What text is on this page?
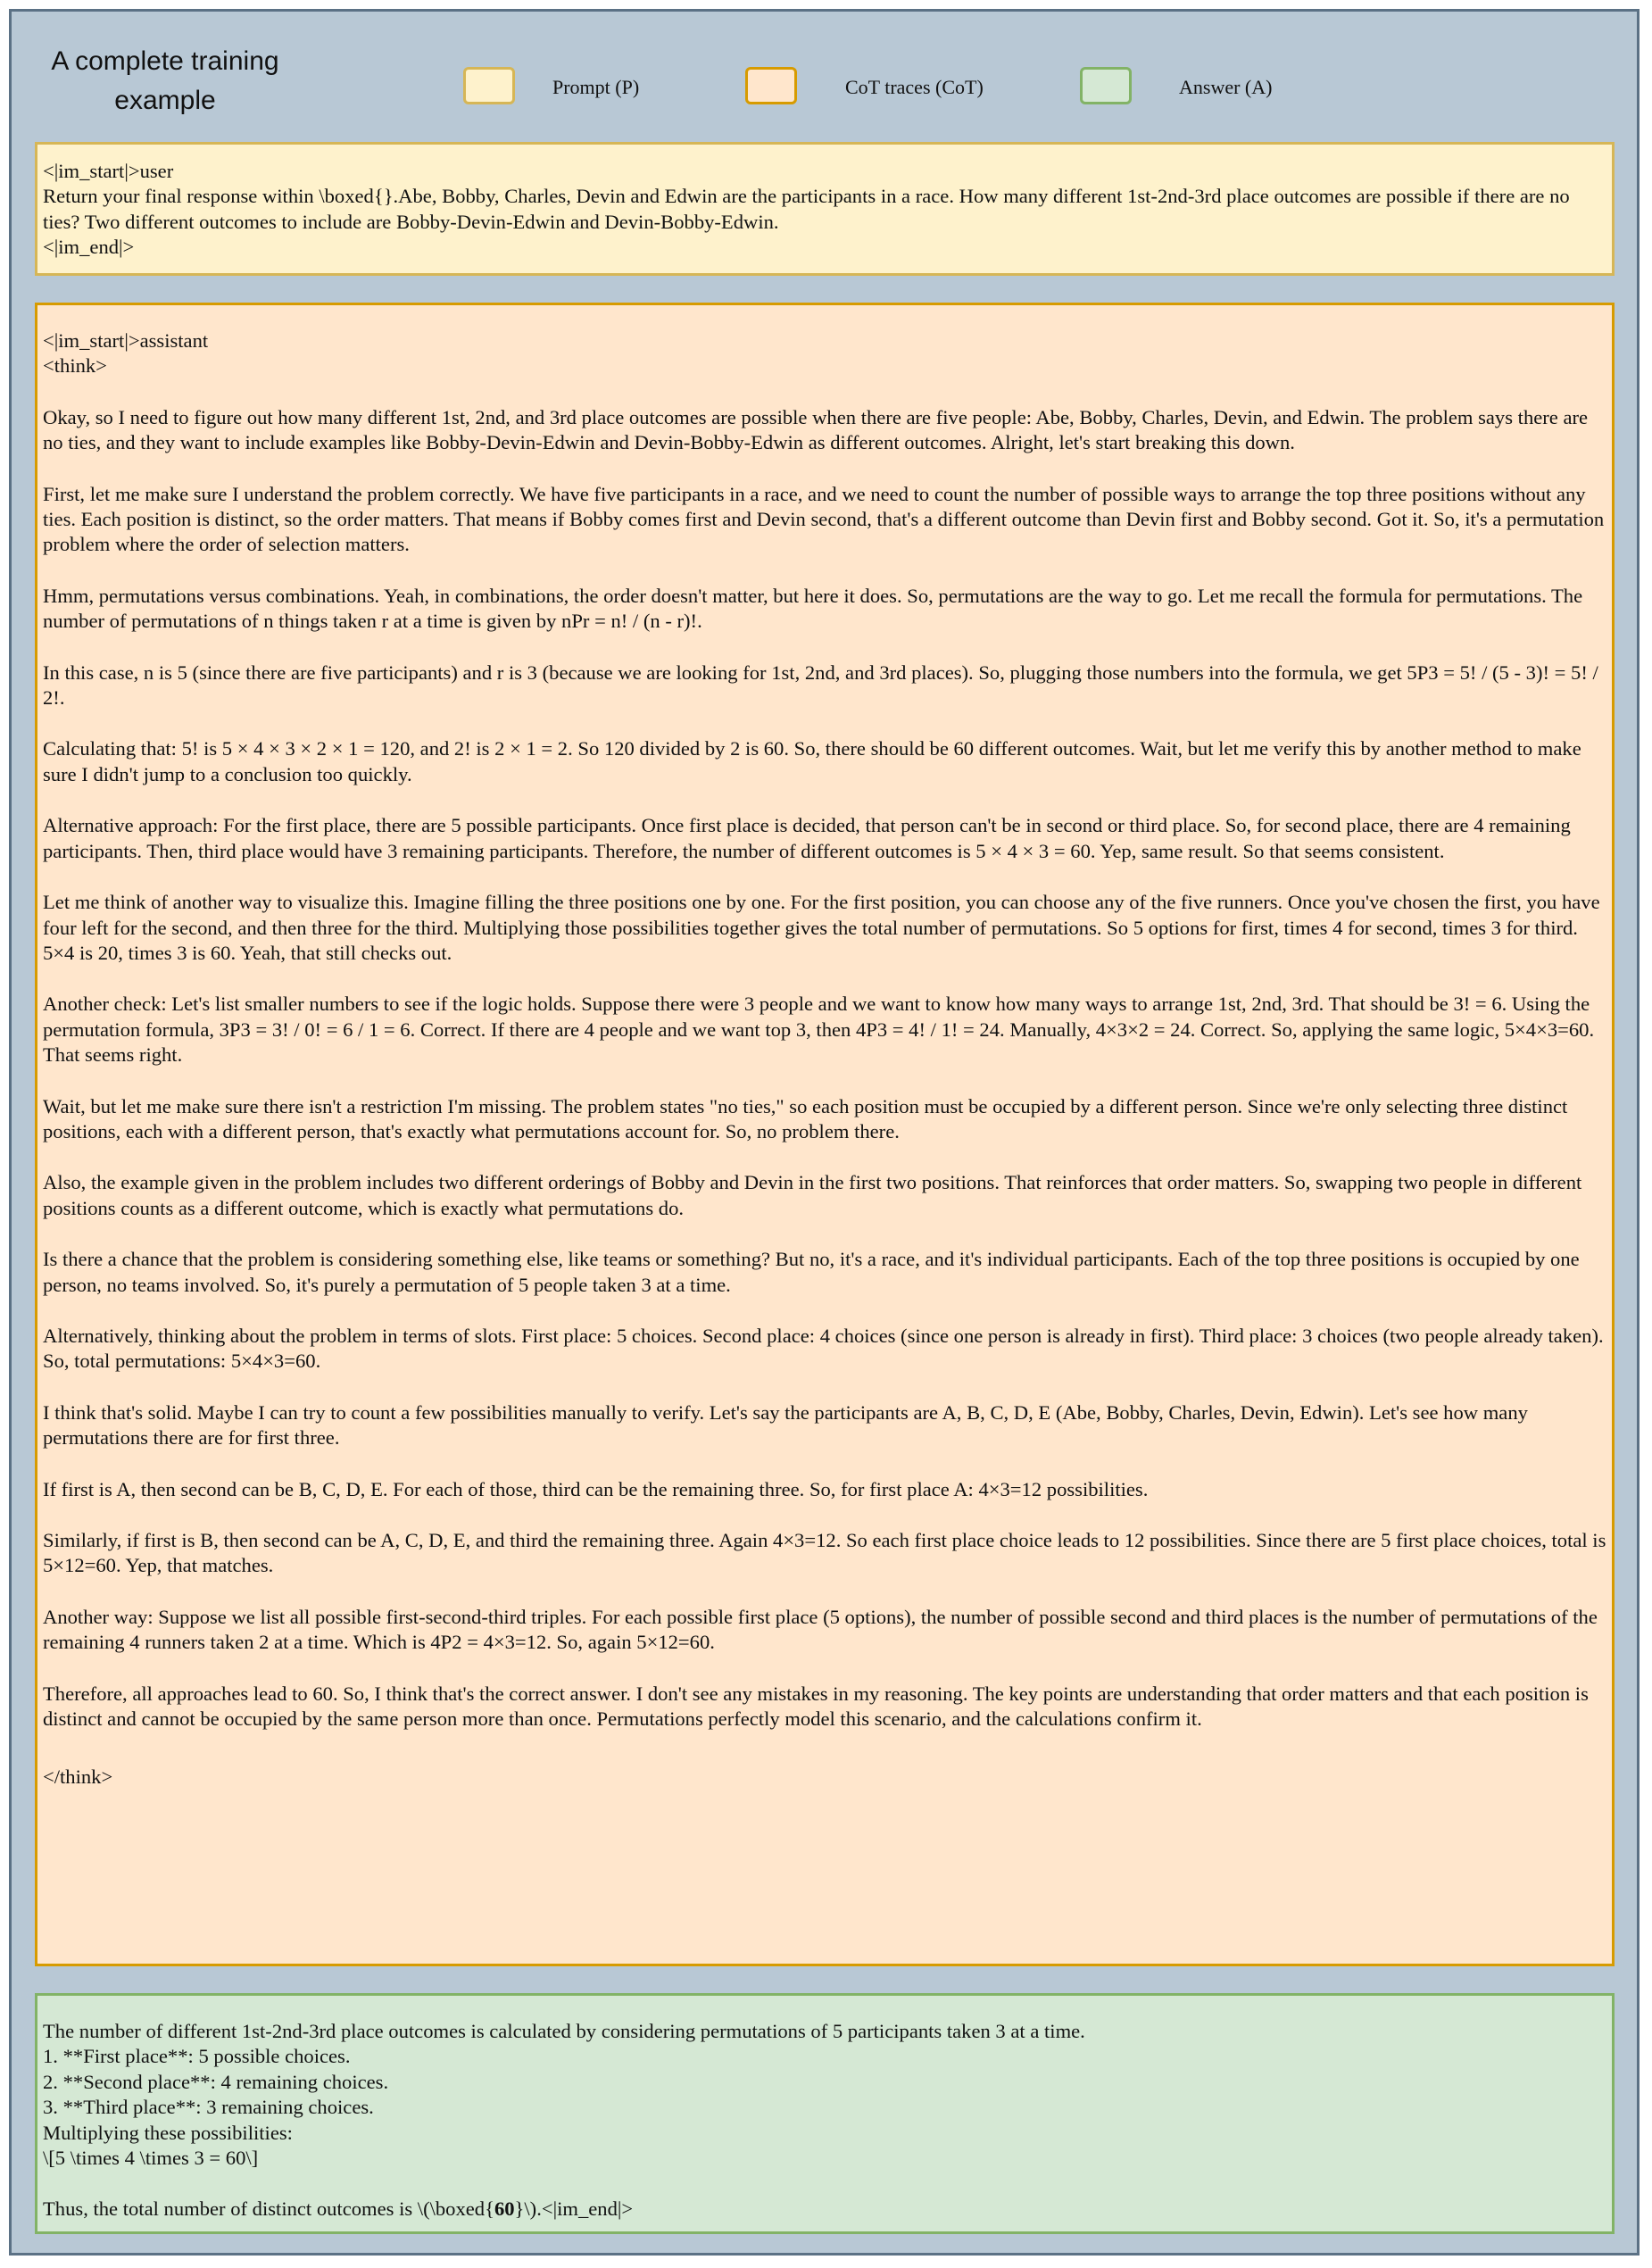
A complete training example	Prompt (P)	CoT traces (CoT)	Answer (A)
<|im_start|>user
Return your final response within \boxed{}.Abe, Bobby, Charles, Devin and Edwin are the participants in a race. How many different 1st-2nd-3rd place outcomes are possible if there are no ties? Two different outcomes to include are Bobby-Devin-Edwin and Devin-Bobby-Edwin.
<|im_end|>

<|im_start|>assistant
<think>

Okay, so I need to figure out how many different 1st, 2nd, and 3rd place outcomes are possible when there are five people: Abe, Bobby, Charles, Devin, and Edwin. The problem says there are no ties, and they want to include examples like Bobby-Devin-Edwin and Devin-Bobby-Edwin as different outcomes. Alright, let's start breaking this down.

First, let me make sure I understand the problem correctly. We have five participants in a race, and we need to count the number of possible ways to arrange the top three positions without any ties. Each position is distinct, so the order matters. That means if Bobby comes first and Devin second, that's a different outcome than Devin first and Bobby second. Got it. So, it's a permutation problem where the order of selection matters.

Hmm, permutations versus combinations. Yeah, in combinations, the order doesn't matter, but here it does. So, permutations are the way to go. Let me recall the formula for permutations. The number of permutations of n things taken r at a time is given by nPr = n! / (n - r)!.

In this case, n is 5 (since there are five participants) and r is 3 (because we are looking for 1st, 2nd, and 3rd places). So, plugging those numbers into the formula, we get 5P3 = 5! / (5 - 3)! = 5! / 2!.

Calculating that: 5! is 5 × 4 × 3 × 2 × 1 = 120, and 2! is 2 × 1 = 2. So 120 divided by 2 is 60. So, there should be 60 different outcomes. Wait, but let me verify this by another method to make sure I didn't jump to a conclusion too quickly.

Alternative approach: For the first place, there are 5 possible participants. Once first place is decided, that person can't be in second or third place. So, for second place, there are 4 remaining participants. Then, third place would have 3 remaining participants. Therefore, the number of different outcomes is 5 × 4 × 3 = 60. Yep, same result. So that seems consistent.

Let me think of another way to visualize this. Imagine filling the three positions one by one. For the first position, you can choose any of the five runners. Once you've chosen the first, you have four left for the second, and then three for the third. Multiplying those possibilities together gives the total number of permutations. So 5 options for first, times 4 for second, times 3 for third. 5×4 is 20, times 3 is 60. Yeah, that still checks out.

Another check: Let's list smaller numbers to see if the logic holds. Suppose there were 3 people and we want to know how many ways to arrange 1st, 2nd, 3rd. That should be 3! = 6. Using the permutation formula, 3P3 = 3! / 0! = 6 / 1 = 6. Correct. If there are 4 people and we want top 3, then 4P3 = 4! / 1! = 24. Manually, 4×3×2 = 24. Correct. So, applying the same logic, 5×4×3=60. That seems right.

Wait, but let me make sure there isn't a restriction I'm missing. The problem states "no ties," so each position must be occupied by a different person. Since we're only selecting three distinct positions, each with a different person, that's exactly what permutations account for. So, no problem there.

Also, the example given in the problem includes two different orderings of Bobby and Devin in the first two positions. That reinforces that order matters. So, swapping two people in different positions counts as a different outcome, which is exactly what permutations do.

Is there a chance that the problem is considering something else, like teams or something? But no, it's a race, and it's individual participants. Each of the top three positions is occupied by one person, no teams involved. So, it's purely a permutation of 5 people taken 3 at a time.

Alternatively, thinking about the problem in terms of slots. First place: 5 choices. Second place: 4 choices (since one person is already in first). Third place: 3 choices (two people already taken). So, total permutations: 5×4×3=60.

I think that's solid. Maybe I can try to count a few possibilities manually to verify. Let's say the participants are A, B, C, D, E (Abe, Bobby, Charles, Devin, Edwin). Let's see how many permutations there are for first three.

If first is A, then second can be B, C, D, E. For each of those, third can be the remaining three. So, for first place A: 4×3=12 possibilities.

Similarly, if first is B, then second can be A, C, D, E, and third the remaining three. Again 4×3=12. So each first place choice leads to 12 possibilities. Since there are 5 first place choices, total is 5×12=60. Yep, that matches.

Another way: Suppose we list all possible first-second-third triples. For each possible first place (5 options), the number of possible second and third places is the number of permutations of the remaining 4 runners taken 2 at a time. Which is 4P2 = 4×3=12. So, again 5×12=60.

Therefore, all approaches lead to 60. So, I think that's the correct answer. I don't see any mistakes in my reasoning. The key points are understanding that order matters and that each position is distinct and cannot be occupied by the same person more than once. Permutations perfectly model this scenario, and the calculations confirm it.

</think>

The number of different 1st-2nd-3rd place outcomes is calculated by considering permutations of 5 participants taken 3 at a time.
1. **First place**: 5 possible choices.
2. **Second place**: 4 remaining choices.
3. **Third place**: 3 remaining choices.
Multiplying these possibilities:
\[5 \times 4 \times 3 = 60\]

Thus, the total number of distinct outcomes is \(\boxed{60}\).<|im_end|>
